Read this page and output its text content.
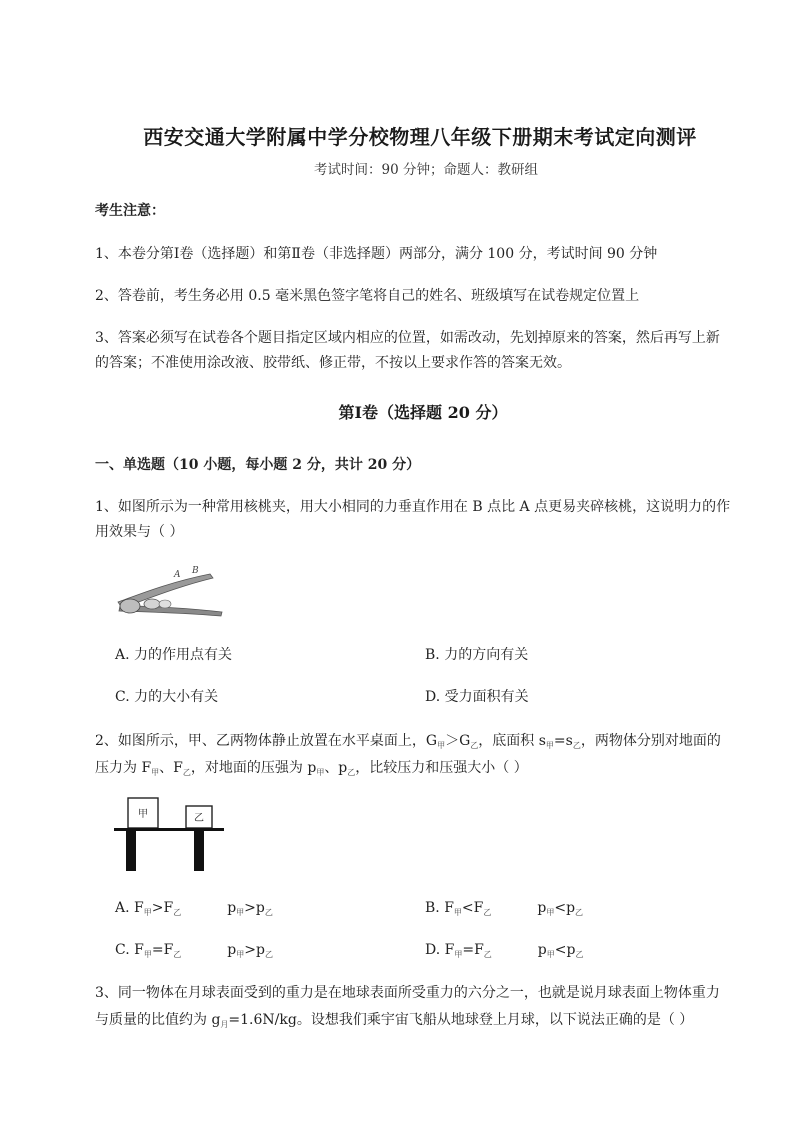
西安交通大学附属中学分校物理八年级下册期末考试定向测评
考试时间：90 分钟；命题人：教研组
考生注意：
1、本卷分第Ⅰ卷（选择题）和第Ⅱ卷（非选择题）两部分，满分 100 分，考试时间 90 分钟
2、答卷前，考生务必用 0.5 毫米黑色签字笔将自己的姓名、班级填写在试卷规定位置上
3、答案必须写在试卷各个题目指定区域内相应的位置，如需改动，先划掉原来的答案，然后再写上新
的答案；不准使用涂改液、胶带纸、修正带，不按以上要求作答的答案无效。
第Ⅰ卷（选择题 20 分）
一、单选题（10 小题，每小题 2 分，共计 20 分）
1、如图所示为一种常用核桃夹，用大小相同的力垂直作用在 B 点比 A 点更易夹碎核桃，这说明力的作
用效果与（ ）
A B
A. 力的作用点有关	B. 力的方向有关
C. 力的大小有关	D. 受力面积有关
2、如图所示，甲、乙两物体静止放置在水平桌面上，$G_甲>G_乙$，底面积 $s_甲=s_乙$，两物体分别对地面的
压力为 $F_甲$、$F_乙$，对地面的压强为 $p_甲$、$p_乙$，比较压力和压强大小（ ）
甲	乙
A. $F_甲>F_乙$	$p_甲>p_乙$	B. $F_甲<F_乙$	$p_甲<p_乙$
C. $F_甲=F_乙$	$p_甲>p_乙$	D. $F_甲=F_乙$	$p_甲<p_乙$
3、同一物体在月球表面受到的重力是在地球表面所受重力的六分之一，也就是说月球表面上物体重力
与质量的比值约为 $g_月=1.6N/kg$。设想我们乘宇宙飞船从地球登上月球，以下说法正确的是（ ）
